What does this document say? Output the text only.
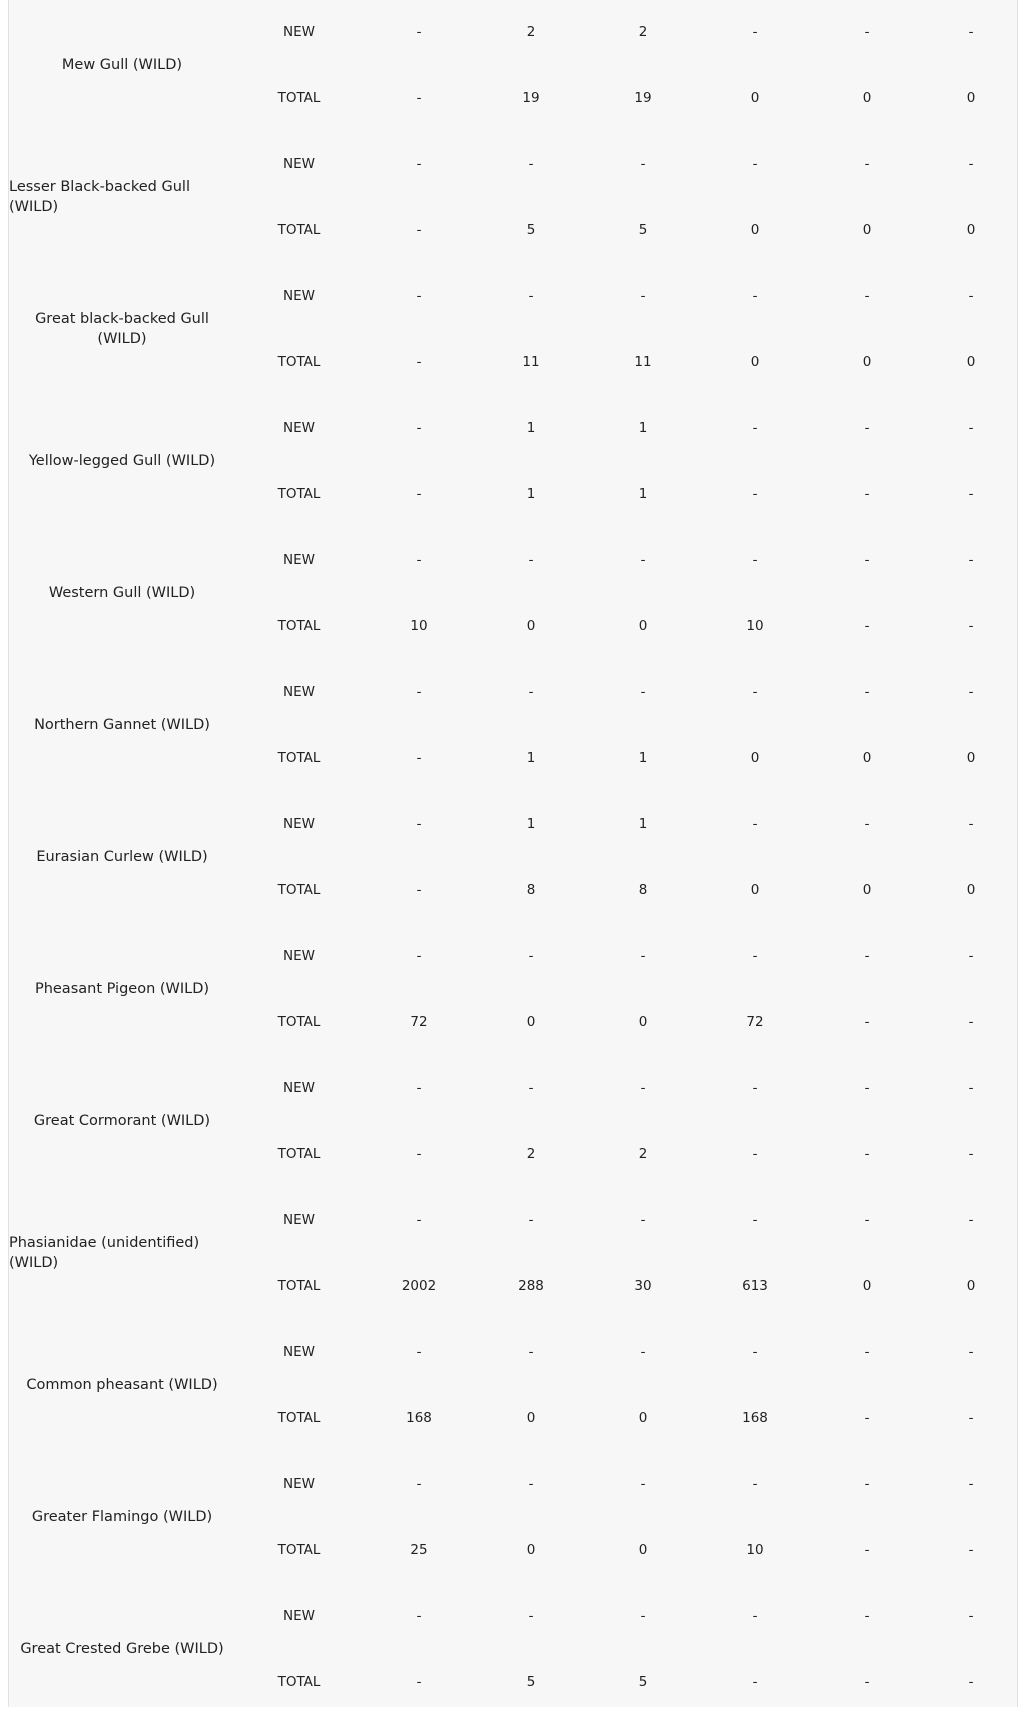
Mew Gull (WILD)	NEW	-	2	2	-	-	-
	TOTAL	-	19	19	0	0	0
Lesser Black-backed Gull (WILD)	NEW	-	-	-	-	-	-
	TOTAL	-	5	5	0	0	0
Great black-backed Gull (WILD)	NEW	-	-	-	-	-	-
	TOTAL	-	11	11	0	0	0
Yellow-legged Gull (WILD)	NEW	-	1	1	-	-	-
	TOTAL	-	1	1	-	-	-
Western Gull (WILD)	NEW	-	-	-	-	-	-
	TOTAL	10	0	0	10	-	-
Northern Gannet (WILD)	NEW	-	-	-	-	-	-
	TOTAL	-	1	1	0	0	0
Eurasian Curlew (WILD)	NEW	-	1	1	-	-	-
	TOTAL	-	8	8	0	0	0
Pheasant Pigeon (WILD)	NEW	-	-	-	-	-	-
	TOTAL	72	0	0	72	-	-
Great Cormorant (WILD)	NEW	-	-	-	-	-	-
	TOTAL	-	2	2	-	-	-
Phasianidae (unidentified) (WILD)	NEW	-	-	-	-	-	-
	TOTAL	2002	288	30	613	0	0
Common pheasant (WILD)	NEW	-	-	-	-	-	-
	TOTAL	168	0	0	168	-	-
Greater Flamingo (WILD)	NEW	-	-	-	-	-	-
	TOTAL	25	0	0	10	-	-
Great Crested Grebe (WILD)	NEW	-	-	-	-	-	-
	TOTAL	-	5	5	-	-	-
